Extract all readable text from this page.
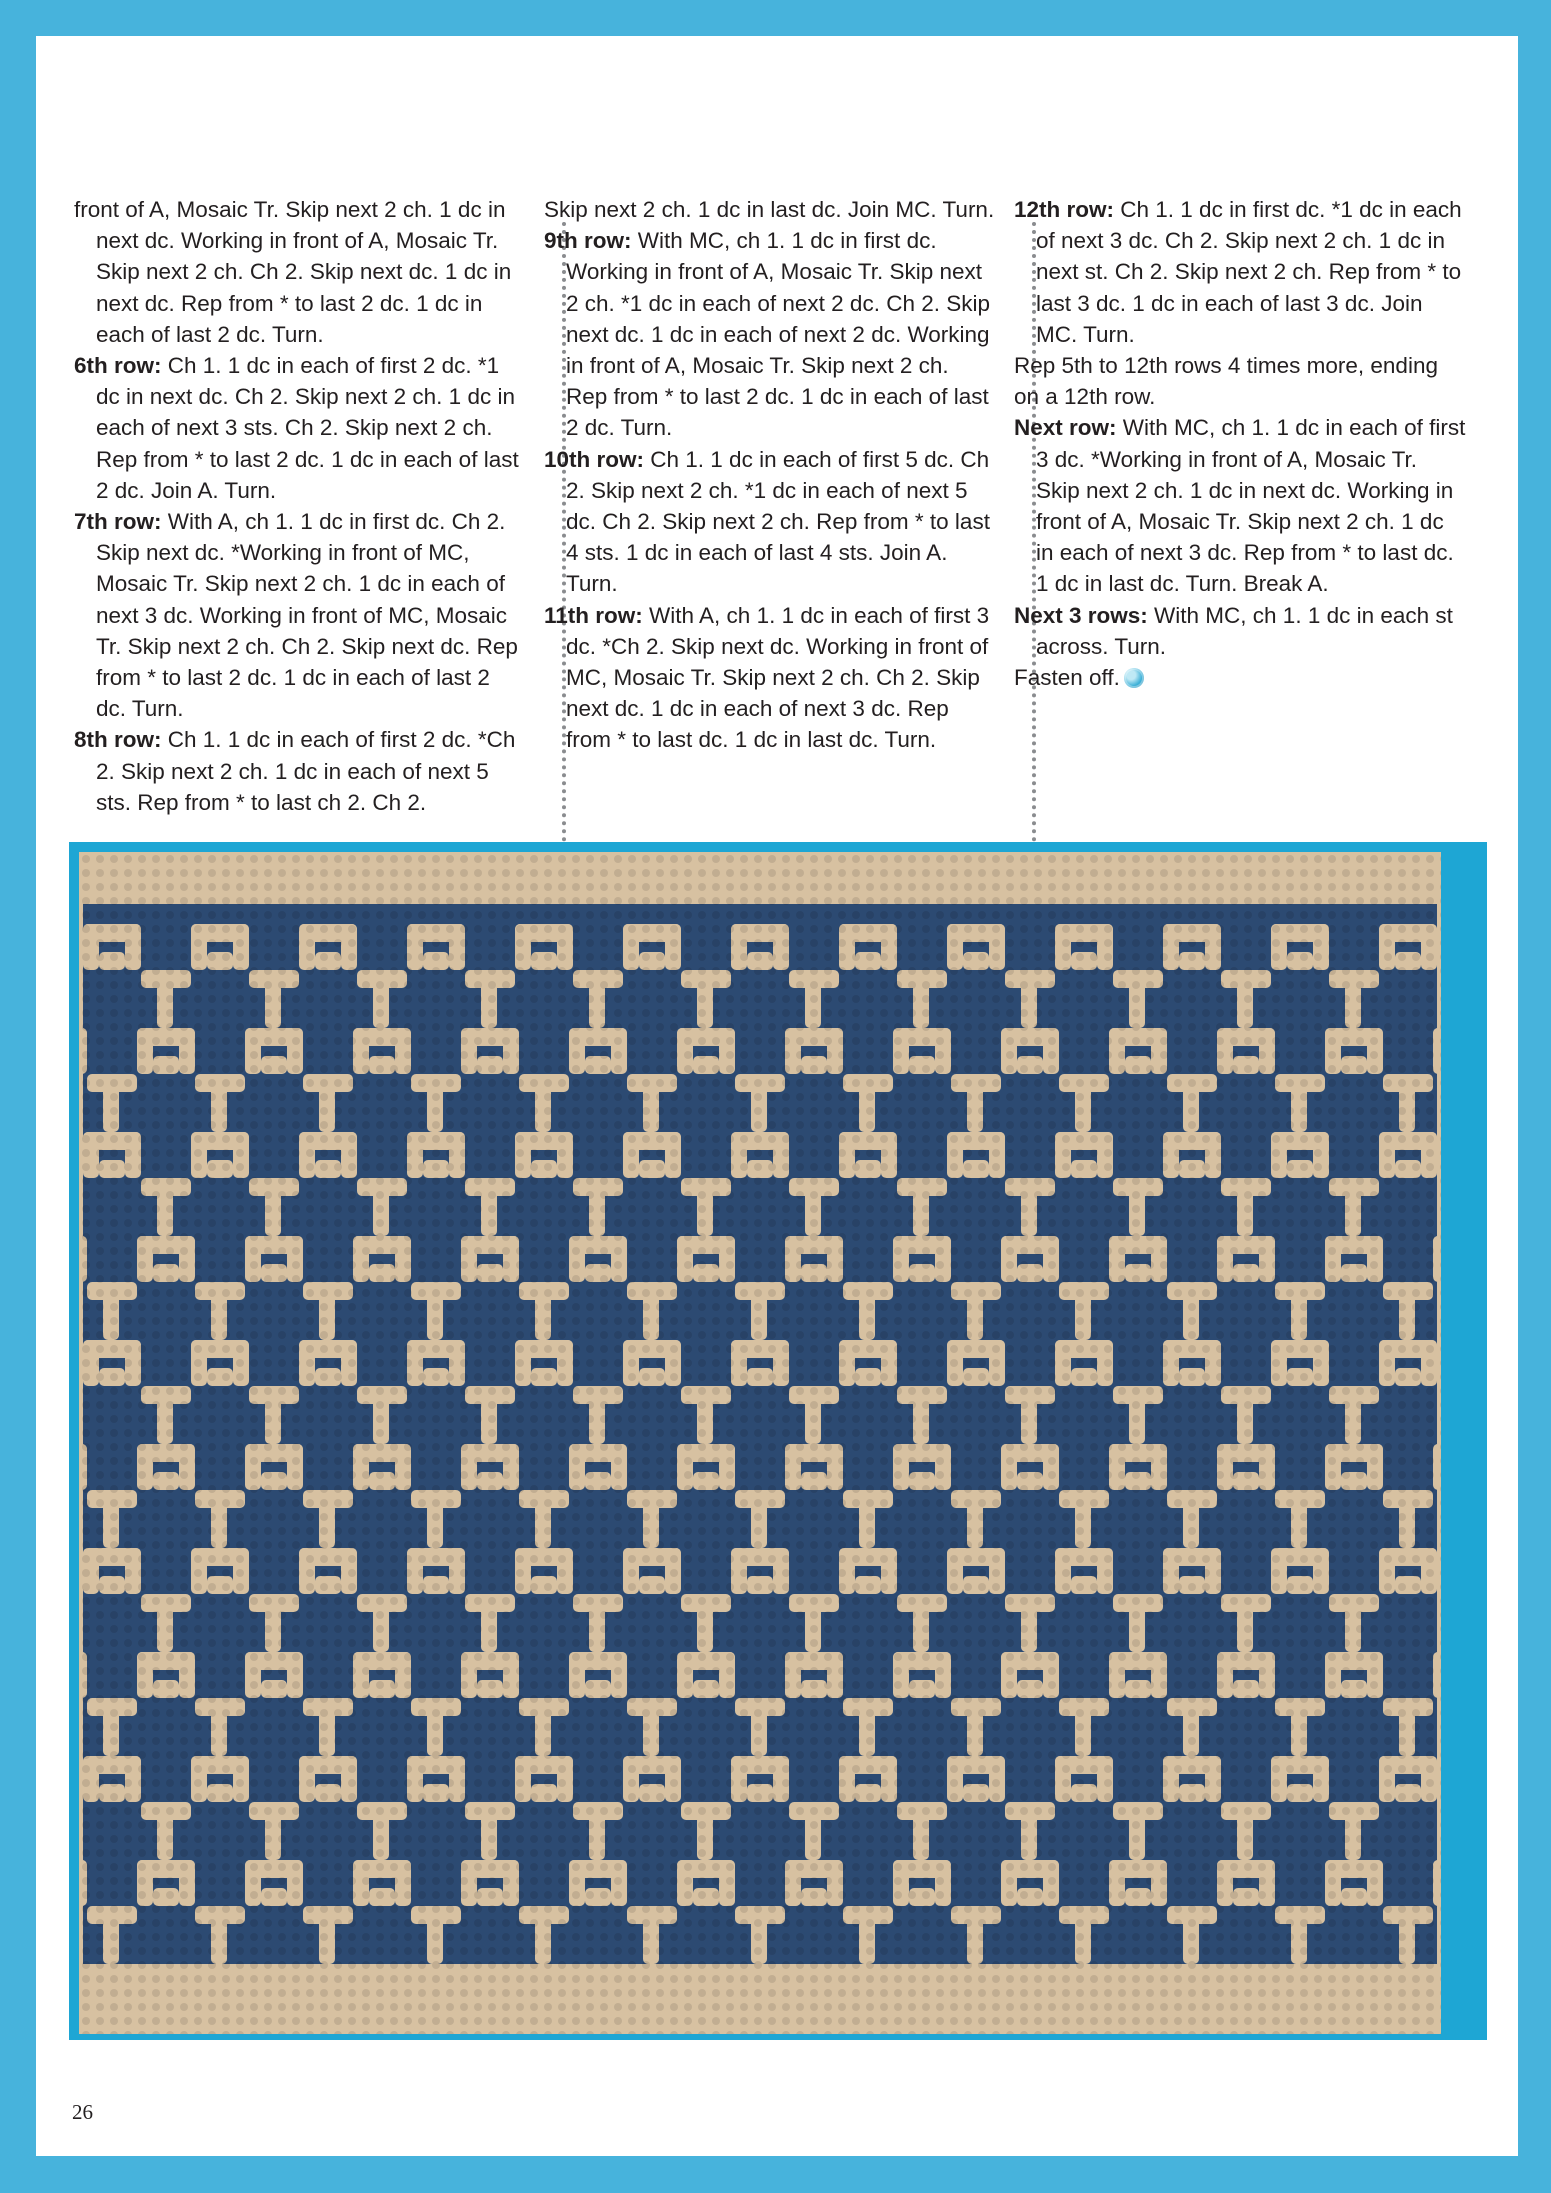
front of A, Mosaic Tr. Skip next 2 ch. 1 dc in next dc. Working in front of A, Mosaic Tr. Skip next 2 ch. Ch 2. Skip next dc. 1 dc in next dc. Rep from * to last 2 dc. 1 dc in each of last 2 dc. Turn.

6th row: Ch 1. 1 dc in each of first 2 dc. *1 dc in next dc. Ch 2. Skip next 2 ch. 1 dc in each of next 3 sts. Ch 2. Skip next 2 ch. Rep from * to last 2 dc. 1 dc in each of last 2 dc. Join A. Turn.

7th row: With A, ch 1. 1 dc in first dc. Ch 2. Skip next dc. *Working in front of MC, Mosaic Tr. Skip next 2 ch. 1 dc in each of next 3 dc. Working in front of MC, Mosaic Tr. Skip next 2 ch. Ch 2. Skip next dc. Rep from * to last 2 dc. 1 dc in each of last 2 dc. Turn.

8th row: Ch 1. 1 dc in each of first 2 dc. *Ch 2. Skip next 2 ch. 1 dc in each of next 5 sts. Rep from * to last ch 2. Ch 2.

Skip next 2 ch. 1 dc in last dc. Join MC. Turn.

9th row: With MC, ch 1. 1 dc in first dc. Working in front of A, Mosaic Tr. Skip next 2 ch. *1 dc in each of next 2 dc. Ch 2. Skip next dc. 1 dc in each of next 2 dc. Working in front of A, Mosaic Tr. Skip next 2 ch. Rep from * to last 2 dc. 1 dc in each of last 2 dc. Turn.

10th row: Ch 1. 1 dc in each of first 5 dc. Ch 2. Skip next 2 ch. *1 dc in each of next 5 dc. Ch 2. Skip next 2 ch. Rep from * to last 4 sts. 1 dc in each of last 4 sts. Join A. Turn.

11th row: With A, ch 1. 1 dc in each of first 3 dc. *Ch 2. Skip next dc. Working in front of MC, Mosaic Tr. Skip next 2 ch. Ch 2. Skip next dc. 1 dc in each of next 3 dc. Rep from * to last dc. 1 dc in last dc. Turn.

12th row: Ch 1. 1 dc in first dc. *1 dc in each of next 3 dc. Ch 2. Skip next 2 ch. 1 dc in next st. Ch 2. Skip next 2 ch. Rep from * to last 3 dc. 1 dc in each of last 3 dc. Join MC. Turn.

Rep 5th to 12th rows 4 times more, ending on a 12th row.

Next row: With MC, ch 1. 1 dc in each of first 3 dc. *Working in front of A, Mosaic Tr. Skip next 2 ch. 1 dc in next dc. Working in front of A, Mosaic Tr. Skip next 2 ch. 1 dc in each of next 3 dc. Rep from * to last dc. 1 dc in last dc. Turn. Break A.

Next 3 rows: With MC, ch 1. 1 dc in each st across. Turn.

Fasten off.

26
